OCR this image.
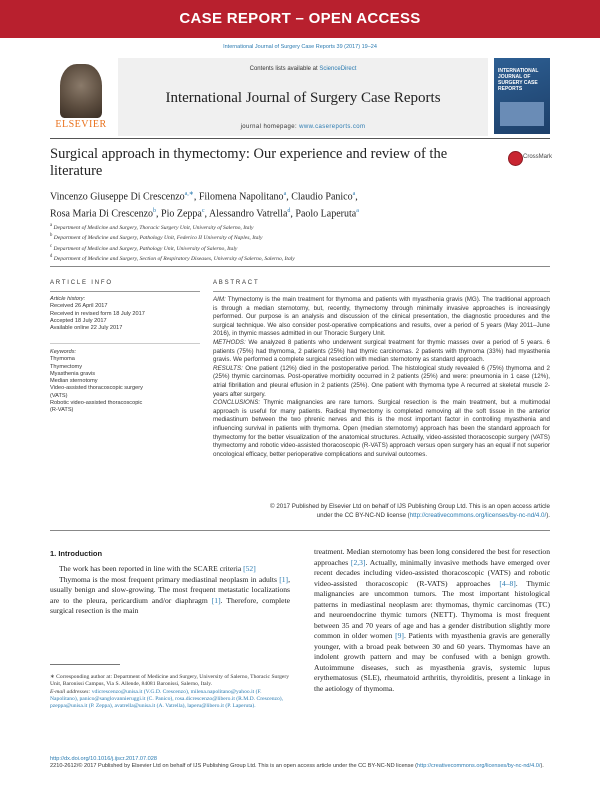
CASE REPORT – OPEN ACCESS
International Journal of Surgery Case Reports 39 (2017) 19–24
ELSEVIER
Contents lists available at ScienceDirect
International Journal of Surgery Case Reports
journal homepage: www.casereports.com
INTERNATIONAL JOURNAL OF SURGERY CASE REPORTS
Surgical approach in thymectomy: Our experience and review of the literature
CrossMark
Vincenzo Giuseppe Di Crescenzo$^{a,∗}$, Filomena Napolitano$^a$, Claudio Panico$^a$,
Rosa Maria Di Crescenzo$^b$, Pio Zeppa$^c$, Alessandro Vatrella$^d$, Paolo Laperuta$^a$
$^a$ Department of Medicine and Surgery, Thoracic Surgery Unit, University of Salerno, Italy
$^b$ Department of Medicine and Surgery, Pathology Unit, Federico II University of Naples, Italy
$^c$ Department of Medicine and Surgery, Pathology Unit, University of Salerno, Italy
$^d$ Department of Medicine and Surgery, Section of Respiratory Diseases, University of Salerno, Salerno, Italy
ARTICLE INFO	ABSTRACT
Article history:
Received 26 April 2017
Received in revised form 18 July 2017
Accepted 18 July 2017
Available online 22 July 2017
Keywords:
Thymoma
Thymectomy
Myasthenia gravis
Median sternotomy
Video-assisted thoracoscopic surgery
(VATS)
Robotic video-assisted thoracoscopic
(R-VATS)

AIM: Thymectomy is the main treatment for thymoma and patients with myasthenia gravis (MG). The traditional approach is through a median sternotomy, but, recently, thymectomy through minimally invasive approaches is increasingly performed. Our purpose is an analysis and discussion of the clinical presentation, the diagnostic procedures and the surgical technique. We also consider post-operative complications and results, over a period of 5 years (May 2011–June 2016), in thymic masses admitted in our Thoracic Surgery Unit.

METHODS: We analyzed 8 patients who underwent surgical treatment for thymic masses over a period of 5 years. 6 patients (75%) had thymoma, 2 patients (25%) had thymic carcinomas. 2 patients with thymoma (33%) had myasthenia gravis. We performed a complete surgical resection with median sternotomy as standard approach.

RESULTS: One patient (12%) died in the postoperative period. The histological study revealed 6 (75%) thymoma and 2 (25%) thymic carcinomas. Post-operative morbidity occurred in 2 patients (25%) and were: pneumonia in 1 case (12%), atrial fibrillation and pleural effusion in 2 patients (25%). One patient with thymoma type A recurred at skeletal muscle 2-years after surgery.

CONCLUSIONS: Thymic malignancies are rare tumors. Surgical resection is the main treatment, but a multimodal approach is useful for many patients. Radical thymectomy is completed removing all the soft tissue in the anterior mediastinum between the two phrenic nerves and this is the most important factor in controlling myasthenia and influencing survival in patients with thymoma. Open (median sternotomy) approach has been the standard approach for thymectomy for the better visualization of the anatomical structures. Actually, video-assisted thoracoscopic surgery (VATS) thymectomy and robotic video-assisted thoracoscopic (R-VATS) approach versus open surgery has an equal if not superior oncological efficacy, better perioperative complications and survival outcomes.

© 2017 Published by Elsevier Ltd on behalf of IJS Publishing Group Ltd. This is an open access article
under the CC BY-NC-ND license (http://creativecommons.org/licenses/by-nc-nd/4.0/).
1. Introduction

The work has been reported in line with the SCARE criteria [52]

Thymoma is the most frequent primary mediastinal neoplasm in adults [1], usually benign and slow-growing. The most frequent metastatic localizations are to the pleura, pericardium and/or diaphragm [1]. Therefore, complete surgical resection is the main

∗ Corresponding author at: Department of Medicine and Surgery, University of Salerno, Thoracic Surgery Unit, Baronissi Campus, Via S. Allende, 84081 Baronissi, Salerno, Italy.
E-mail addresses: vdicrescenzo@unisa.it (V.G.D. Crescenzo), milena.napolitano@yahoo.it (F. Napolitano), panico@sanglovannieruggi.it (C. Panico), rosa.dicrescenzo@libero.it (R.M.D. Crescenzo), pzeppa@unisa.it (P. Zeppa), avatrella@unisa.it (A. Vatrella), laperu@libero.it (P. Laperuta).

treatment. Median sternotomy has been long considered the best for resection approaches [2,3]. Actually, minimally invasive methods have emerged over recent decades including video-assisted thoracoscopic (VATS) and robotic video-assisted thoracoscopic (R-VATS) approaches [4–8]. Thymic malignancies are uncommon tumors. The most important histological patterns in mediastinal neoplasm are: thymomas, thymic carcinomas (TC) and neuroendocrine thymic tumors (NETT). Thymoma is most frequent between 35 and 70 years of age and has a gender distribution slightly more common in older women [9]. Patients with myasthenia gravis are generally younger, with a broad peak between 30 and 60 years. Thymomas have an indolent growth pattern and may be confused with a benign growth. Autoimmune diseases, such as myasthenia gravis, systemic lupus erythematosus (SLE), rheumatoid arthritis, thyroiditis, present a linkage in the aetiology of thymoma.

http://dx.doi.org/10.1016/j.ijscr.2017.07.028
2210-2612/© 2017 Published by Elsevier Ltd on behalf of IJS Publishing Group Ltd. This is an open access article under the CC BY-NC-ND license (http://creativecommons.org/licenses/by-nc-nd/4.0/).
